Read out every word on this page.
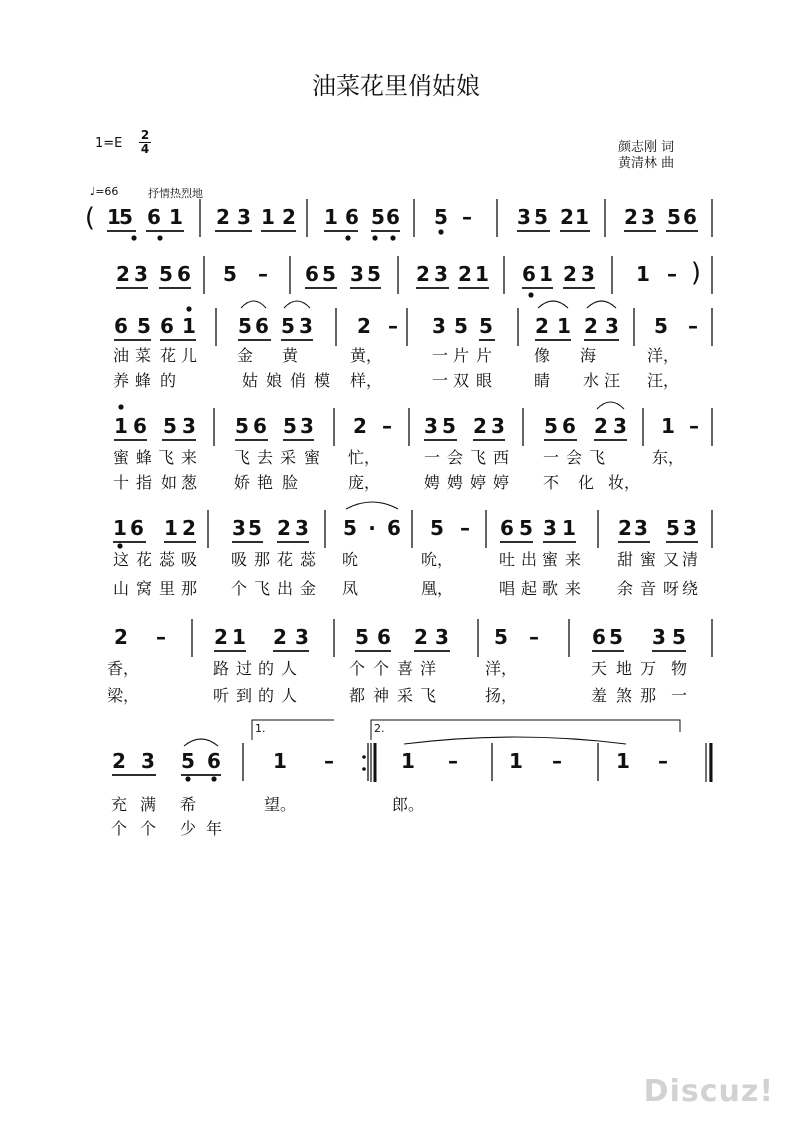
油菜花里俏姑娘
1=E
2
4	颜志刚 词
黄清林 曲
♩=66	抒情热烈地
1.	2.
1
5 6 1 2 3 1 2 1 6 5 6 5 – 3 5 2 1 2 3 5 6
2 3 5 6 5 – 6 5 3 5 2 3 2 1 6 1 2 3 1 –
6 5 6 1 5 6 5 3 2 – 3 5 5 2 1 2 3 5 –
油 菜 花 儿 金 黄	黄，	一 片 片	像 海	洋，
养 蜂 的	姑 娘 俏 模 样，	一 双 眼	睛 水 汪 汪，
1 6 5 3 5 6 5 3 2 – 3 5 2 3 5 6 2 3 1 –
蜜 蜂 飞 来 飞 去 采 蜜 忙，	一 会 飞 西 一 会 飞	东，
十 指 如 葱 娇 艳 脸	庞，	娉 娉 婷 婷 不 化 妆，
1 6 1 2 3 5 2 3 5 · 6 5 – 6 5 3 1 2 3 5 3
这 花 蕊 吸 吸 那 花 蕊 吮	吮，	吐 出 蜜 来 甜 蜜 又 清
山 窝 里 那 个 飞 出 金 凤	凰，	唱 起 歌 来 余 音 呀 绕
2 – 2 1 2 3 5 6 2 3 5 –	6 5 3 5
香，	路 过 的 人	个 个 喜 洋	洋，	天 地 万 物
梁，	听 到 的 人	都 神 采 飞	扬，	羞 煞 那 一
2 3 5 6	1 –	1 –	1 –	1 –
充 满 希	望。	郎。
个 个 少 年
(
)
Discuz!
